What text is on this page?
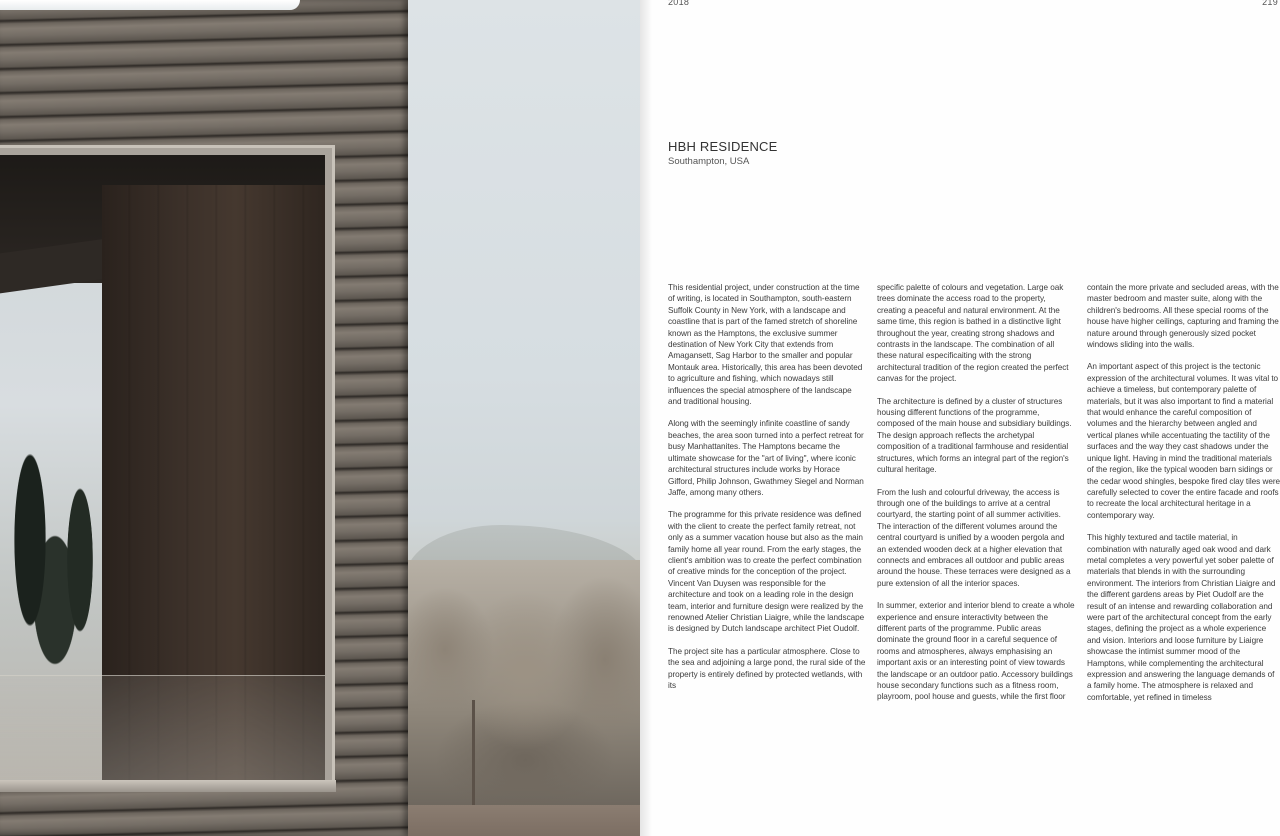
2018	219
HBH RESIDENCE
Southampton, USA

This residential project, under construction at the time of writing, is located in Southampton, south-eastern Suffolk County in New York, with a landscape and coastline that is part of the famed stretch of shoreline known as the Hamptons, the exclusive summer destination of New York City that extends from Amagansett, Sag Harbor to the smaller and popular Montauk area. Historically, this area has been devoted to agriculture and fishing, which nowadays still influences the special atmosphere of the landscape and traditional housing.

Along with the seemingly infinite coastline of sandy beaches, the area soon turned into a perfect retreat for busy Manhattanites. The Hamptons became the ultimate showcase for the "art of living", where iconic architectural structures include works by Horace Gifford, Philip Johnson, Gwathmey Siegel and Norman Jaffe, among many others.

The programme for this private residence was defined with the client to create the perfect family retreat, not only as a summer vacation house but also as the main family home all year round. From the early stages, the client's ambition was to create the perfect combination of creative minds for the conception of the project. Vincent Van Duysen was responsible for the architecture and took on a leading role in the design team, interior and furniture design were realized by the renowned Atelier Christian Liaigre, while the landscape is designed by Dutch landscape architect Piet Oudolf.

The project site has a particular atmosphere. Close to the sea and adjoining a large pond, the rural side of the property is entirely defined by protected wetlands, with its

specific palette of colours and vegetation. Large oak trees dominate the access road to the property, creating a peaceful and natural environment. At the same time, this region is bathed in a distinctive light throughout the year, creating strong shadows and contrasts in the landscape. The combination of all these natural especificaiting with the strong architectural tradition of the region created the perfect canvas for the project.

The architecture is defined by a cluster of structures housing different functions of the programme, composed of the main house and subsidiary buildings. The design approach reflects the archetypal composition of a traditional farmhouse and residential structures, which forms an integral part of the region's cultural heritage.

From the lush and colourful driveway, the access is through one of the buildings to arrive at a central courtyard, the starting point of all summer activities. The interaction of the different volumes around the central courtyard is unified by a wooden pergola and an extended wooden deck at a higher elevation that connects and embraces all outdoor and public areas around the house. These terraces were designed as a pure extension of all the interior spaces.

In summer, exterior and interior blend to create a whole experience and ensure interactivity between the different parts of the programme. Public areas dominate the ground floor in a careful sequence of rooms and atmospheres, always emphasising an important axis or an interesting point of view towards the landscape or an outdoor patio. Accessory buildings house secondary functions such as a fitness room, playroom, pool house and guests, while the first floor

contain the more private and secluded areas, with the master bedroom and master suite, along with the children's bedrooms. All these special rooms of the house have higher ceilings, capturing and framing the nature around through generously sized pocket windows sliding into the walls.

An important aspect of this project is the tectonic expression of the architectural volumes. It was vital to achieve a timeless, but contemporary palette of materials, but it was also important to find a material that would enhance the careful composition of volumes and the hierarchy between angled and vertical planes while accentuating the tactility of the surfaces and the way they cast shadows under the unique light. Having in mind the traditional materials of the region, like the typical wooden barn sidings or the cedar wood shingles, bespoke fired clay tiles were carefully selected to cover the entire facade and roofs to recreate the local architectural heritage in a contemporary way.

This highly textured and tactile material, in combination with naturally aged oak wood and dark metal completes a very powerful yet sober palette of materials that blends in with the surrounding environment. The interiors from Christian Liaigre and the different gardens areas by Piet Oudolf are the result of an intense and rewarding collaboration and were part of the architectural concept from the early stages, defining the project as a whole experience and vision. Interiors and loose furniture by Liaigre showcase the intimist summer mood of the Hamptons, while complementing the architectural expression and answering the language demands of a family home. The atmosphere is relaxed and comfortable, yet refined in timeless
